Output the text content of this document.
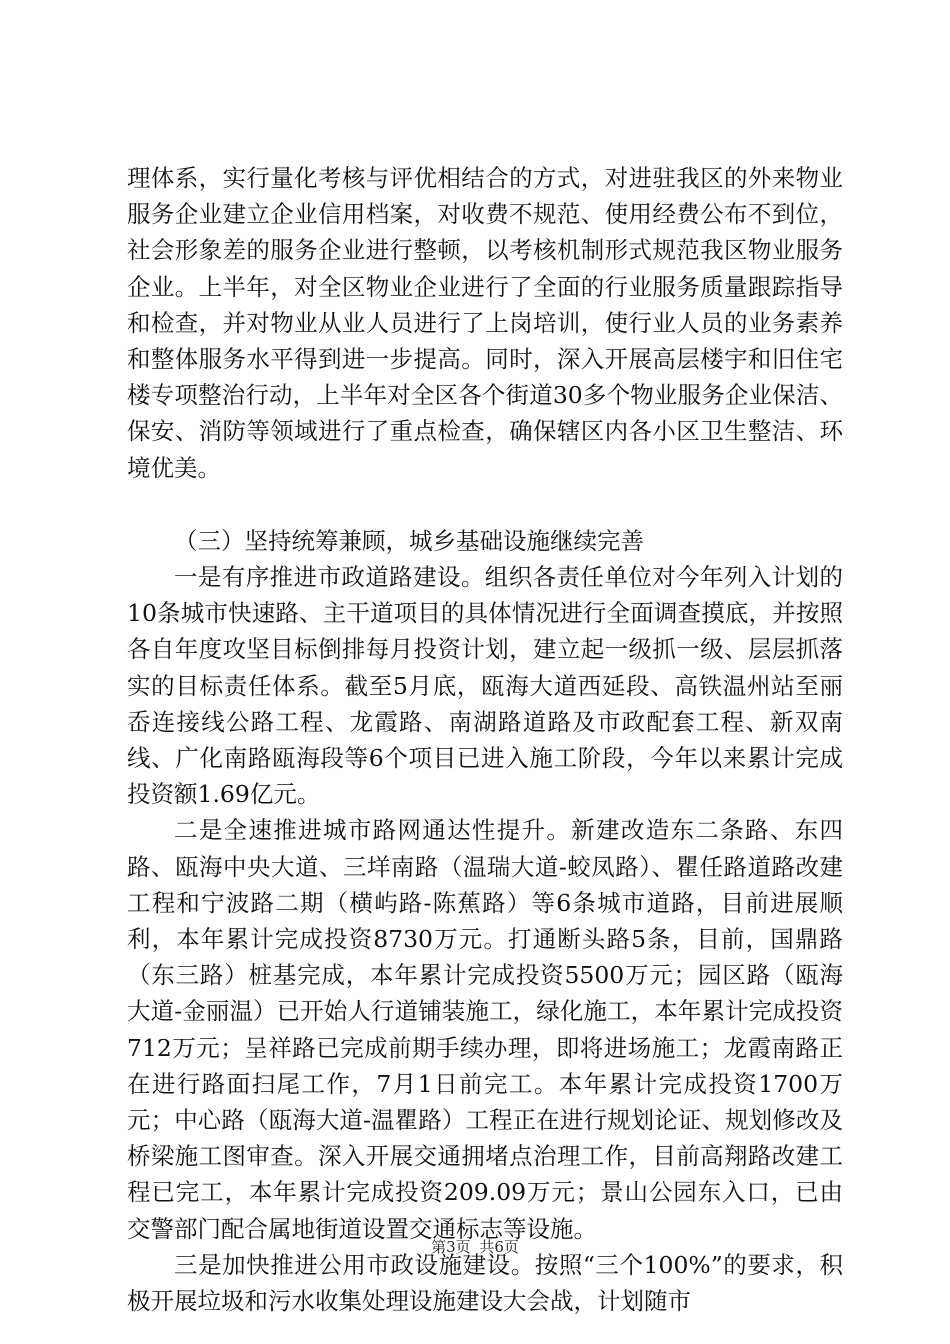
理体系，实行量化考核与评优相结合的方式，对进驻我区的外来物业服务企业建立企业信用档案，对收费不规范、使用经费公布不到位，社会形象差的服务企业进行整顿，以考核机制形式规范我区物业服务企业。上半年，对全区物业企业进行了全面的行业服务质量跟踪指导和检查，并对物业从业人员进行了上岗培训，使行业人员的业务素养和整体服务水平得到进一步提高。同时，深入开展高层楼宇和旧住宅楼专项整治行动，上半年对全区各个街道30多个物业服务企业保洁、保安、消防等领域进行了重点检查，确保辖区内各小区卫生整洁、环境优美。

（三）坚持统筹兼顾，城乡基础设施继续完善

一是有序推进市政道路建设。组织各责任单位对今年列入计划的10条城市快速路、主干道项目的具体情况进行全面调查摸底，并按照各自年度攻坚目标倒排每月投资计划，建立起一级抓一级、层层抓落实的目标责任体系。截至5月底，瓯海大道西延段、高铁温州站至丽岙连接线公路工程、龙霞路、南湖路道路及市政配套工程、新双南线、广化南路瓯海段等6个项目已进入施工阶段，今年以来累计完成投资额1.69亿元。

二是全速推进城市路网通达性提升。新建改造东二条路、东四路、瓯海中央大道、三垟南路（温瑞大道-蛟凤路）、瞿任路道路改建工程和宁波路二期（横屿路-陈蕉路）等6条城市道路，目前进展顺利，本年累计完成投资8730万元。打通断头路5条，目前，国鼎路（东三路）桩基完成，本年累计完成投资5500万元；园区路（瓯海大道-金丽温）已开始人行道铺装施工，绿化施工，本年累计完成投资712万元；呈祥路已完成前期手续办理，即将进场施工；龙霞南路正在进行路面扫尾工作，7月1日前完工。本年累计完成投资1700万元；中心路（瓯海大道-温瞿路）工程正在进行规划论证、规划修改及桥梁施工图审查。深入开展交通拥堵点治理工作，目前高翔路改建工程已完工，本年累计完成投资209.09万元；景山公园东入口，已由交警部门配合属地街道设置交通标志等设施。

三是加快推进公用市政设施建设。按照“三个100%”的要求，积极开展垃圾和污水收集处理设施建设大会战，计划随市

第3页 共6页
